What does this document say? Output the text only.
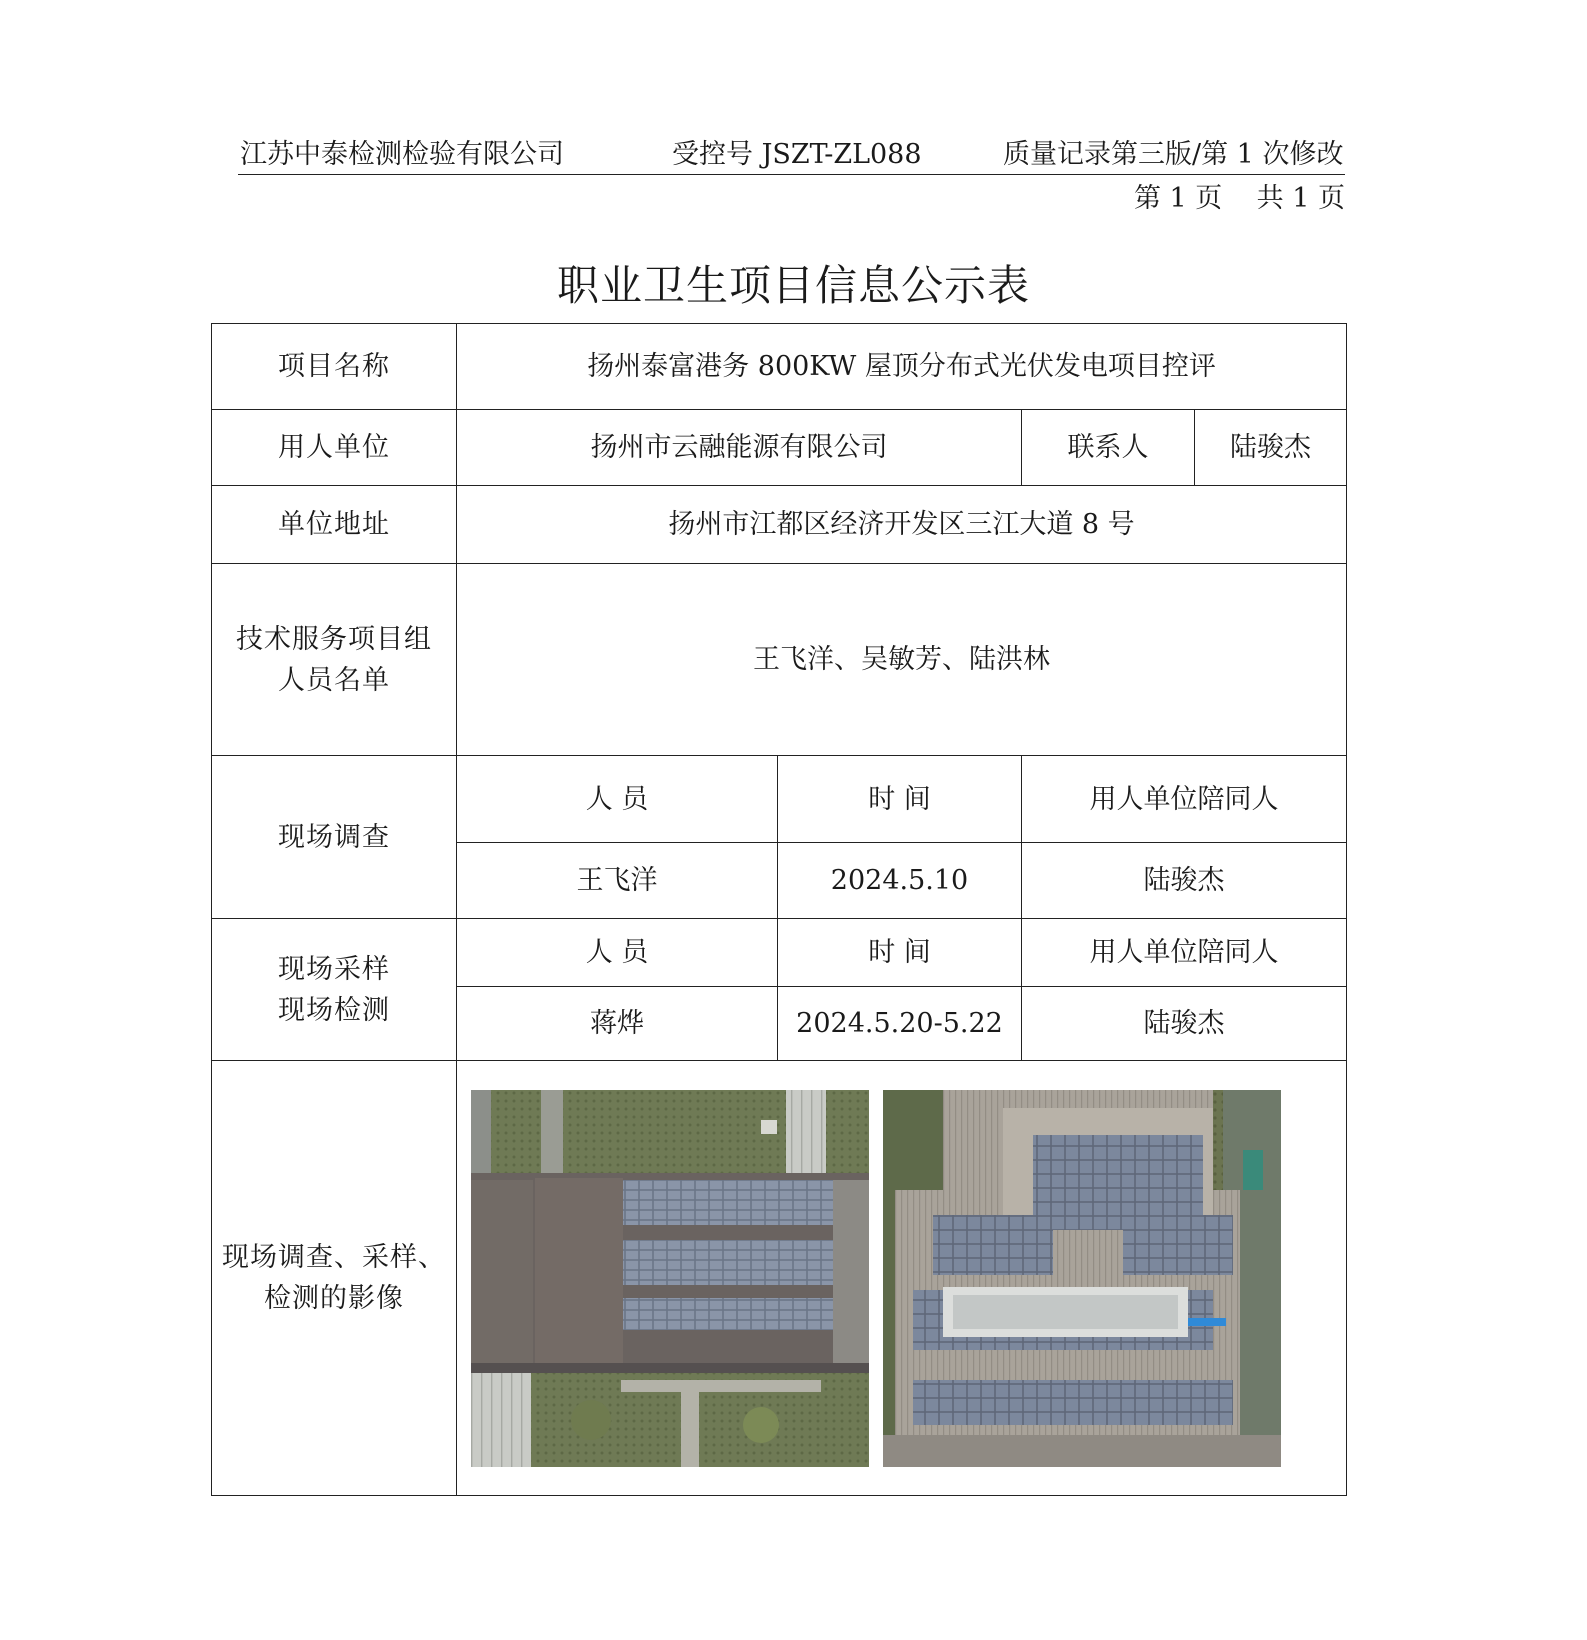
江苏中泰检测检验有限公司	受控号 JSZT-ZL088	质量记录第三版/第 1 次修改
第 1 页 共 1 页
职业卫生项目信息公示表
项目名称	扬州泰富港务 800KW 屋顶分布式光伏发电项目控评			
用人单位	扬州市云融能源有限公司		联系人	陆骏杰
单位地址	扬州市江都区经济开发区三江大道 8 号			

技术服务项目组
人员名单	王飞洋、吴敏芳、陆洪林			
现场调查	人 员	时 间	用人单位陪同人	
	王飞洋	2024.5.10	陆骏杰	

现场采样
现场检测	人 员	时 间	用人单位陪同人	
	蒋烨	2024.5.20-5.22	陆骏杰	

现场调查、采样、
检测的影像
